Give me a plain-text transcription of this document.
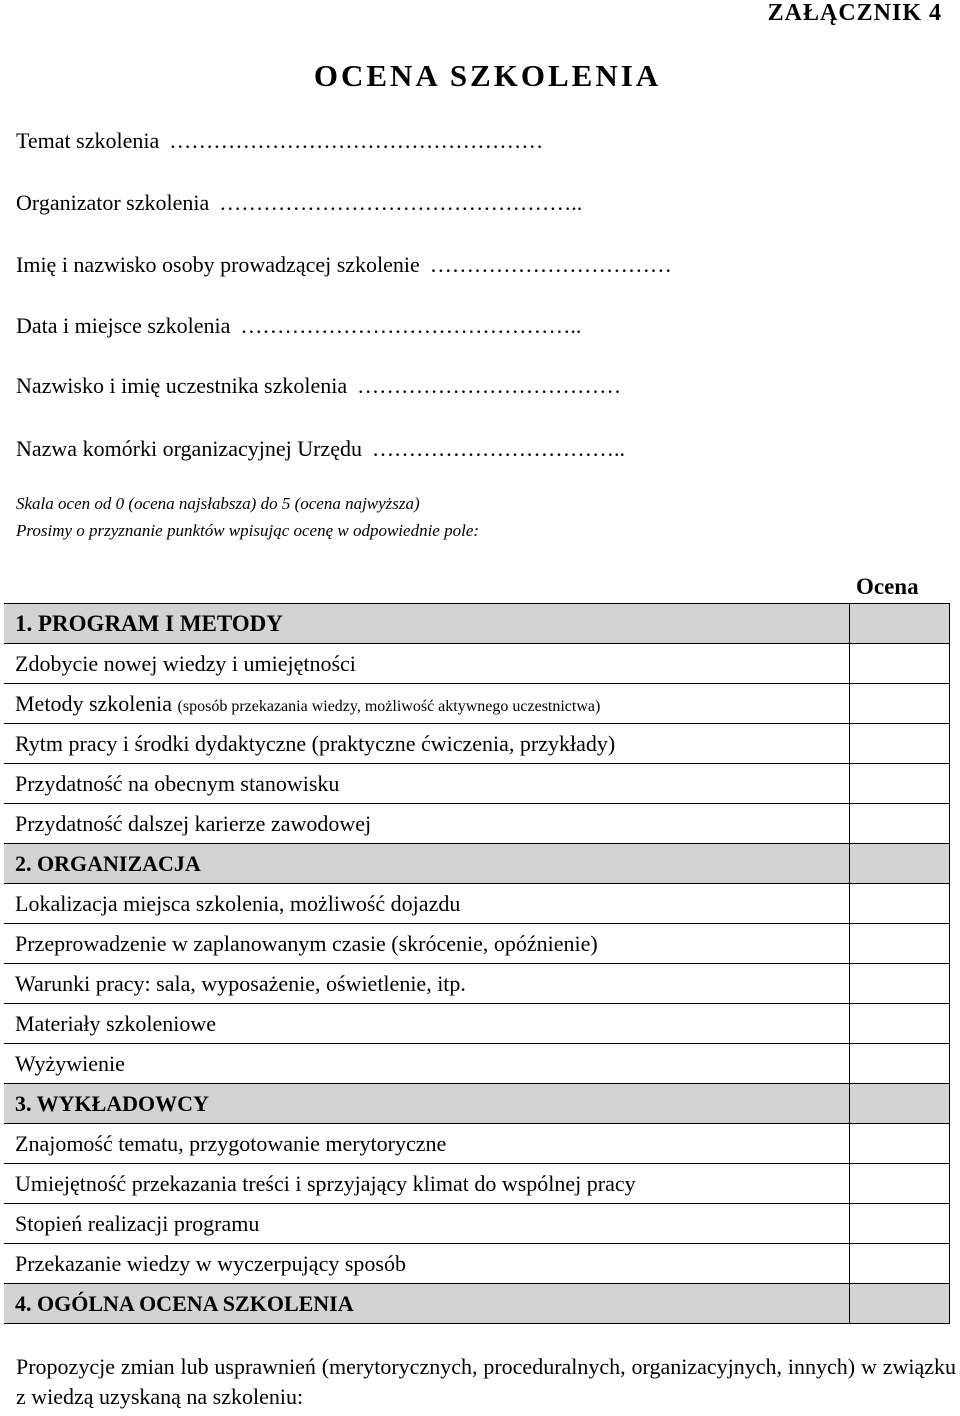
ZAŁĄCZNIK 4
OCENA SZKOLENIA
Temat szkolenia ……………………………………………
Organizator szkolenia …………………………………………..
Imię i nazwisko osoby prowadzącej szkolenie ……………………………
Data i miejsce szkolenia ………………………………………..
Nazwisko i imię uczestnika szkolenia ………………………………
Nazwa komórki organizacyjnej Urzędu ……………………………..
Skala ocen od 0 (ocena najsłabsza) do 5 (ocena najwyższa)
Prosimy o przyznanie punktów wpisując ocenę w odpowiednie pole:
Ocena
1. PROGRAM I METODY	
Zdobycie nowej wiedzy i umiejętności	
Metody szkolenia (sposób przekazania wiedzy, możliwość aktywnego uczestnictwa)	
Rytm pracy i środki dydaktyczne (praktyczne ćwiczenia, przykłady)	
Przydatność na obecnym stanowisku	
Przydatność dalszej karierze zawodowej	
2. ORGANIZACJA	
Lokalizacja miejsca szkolenia, możliwość dojazdu	
Przeprowadzenie w zaplanowanym czasie (skrócenie, opóźnienie)	
Warunki pracy: sala, wyposażenie, oświetlenie, itp.	
Materiały szkoleniowe	
Wyżywienie	
3. WYKŁADOWCY	
Znajomość tematu, przygotowanie merytoryczne	
Umiejętność przekazania treści i sprzyjający klimat do wspólnej pracy	
Stopień realizacji programu	
Przekazanie wiedzy w wyczerpujący sposób	
4. OGÓLNA OCENA SZKOLENIA	
Propozycje zmian lub usprawnień (merytorycznych, proceduralnych, organizacyjnych, innych) w związku z wiedzą uzyskaną na szkoleniu:
